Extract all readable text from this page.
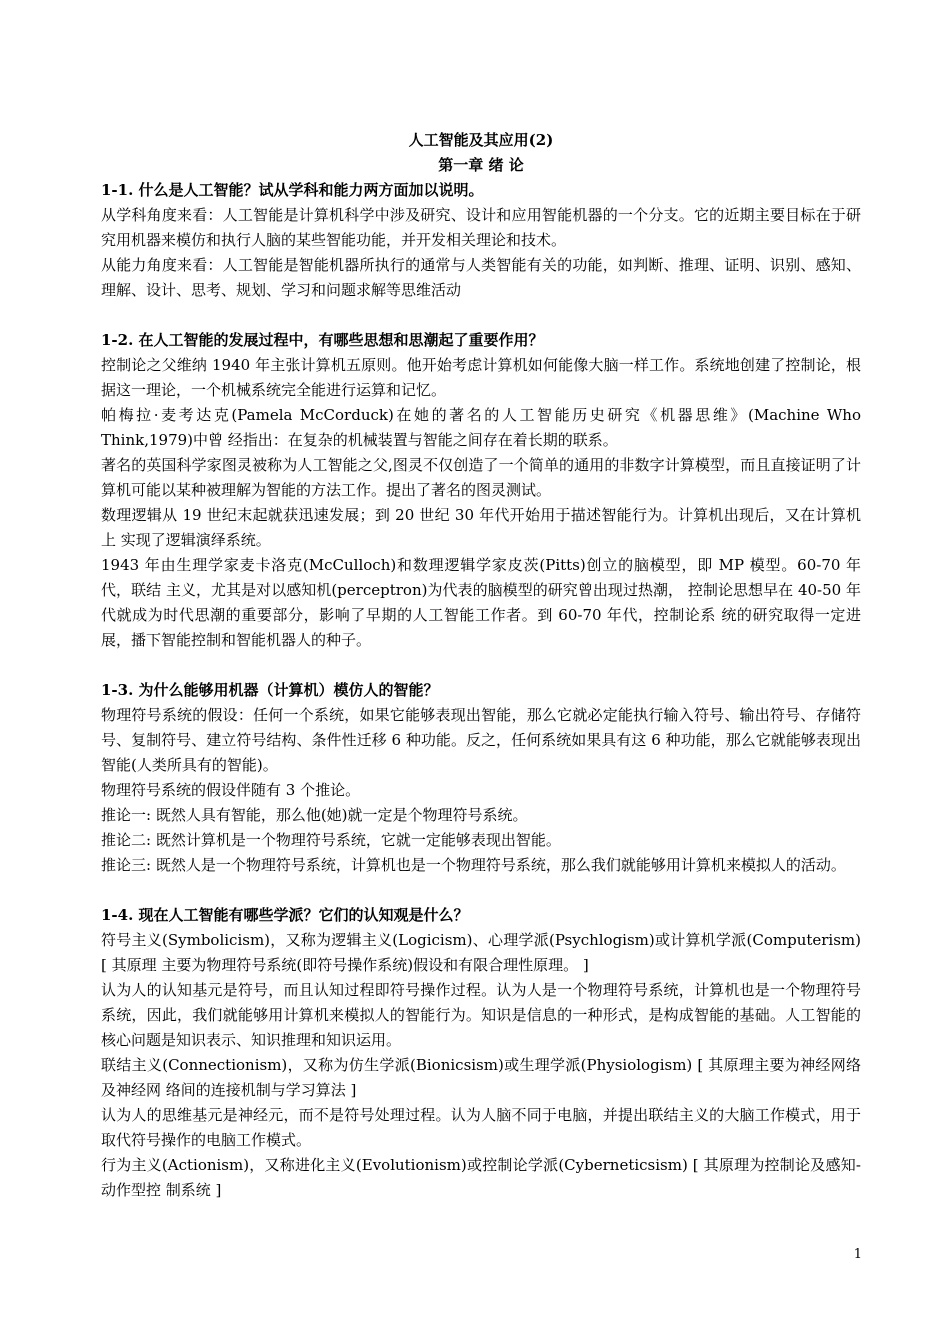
人工智能及其应用(2)

第一章 绪 论

1-1. 什么是人工智能？试从学科和能力两方面加以说明。

从学科角度来看：人工智能是计算机科学中涉及研究、设计和应用智能机器的一个分支。它的近期主要目标在于研 究用机器来模仿和执行人脑的某些智能功能，并开发相关理论和技术。

从能力角度来看：人工智能是智能机器所执行的通常与人类智能有关的功能，如判断、推理、证明、识别、感知、 理解、设计、思考、规划、学习和问题求解等思维活动

1-2. 在人工智能的发展过程中，有哪些思想和思潮起了重要作用？

控制论之父维纳 1940 年主张计算机五原则。他开始考虑计算机如何能像大脑一样工作。系统地创建了控制论，根 据这一理论，一个机械系统完全能进行运算和记忆。

帕梅拉·麦考达克(Pamela McCorduck)在她的著名的人工智能历史研究《机器思维》(Machine Who Think,1979)中曾 经指出：在复杂的机械装置与智能之间存在着长期的联系。

著名的英国科学家图灵被称为人工智能之父,图灵不仅创造了一个简单的通用的非数字计算模型，而且直接证明了计 算机可能以某种被理解为智能的方法工作。提出了著名的图灵测试。

数理逻辑从 19 世纪末起就获迅速发展；到 20 世纪 30 年代开始用于描述智能行为。计算机出现后，又在计算机上 实现了逻辑演绎系统。

1943 年由生理学家麦卡洛克(McCulloch)和数理逻辑学家皮茨(Pitts)创立的脑模型，即 MP 模型。60-70 年代，联结 主义，尤其是对以感知机(perceptron)为代表的脑模型的研究曾出现过热潮， 控制论思想早在 40-50 年代就成为时代思潮的重要部分，影响了早期的人工智能工作者。到 60-70 年代，控制论系 统的研究取得一定进展，播下智能控制和智能机器人的种子。

1-3. 为什么能够用机器（计算机）模仿人的智能？

物理符号系统的假设：任何一个系统，如果它能够表现出智能，那么它就必定能执行输入符号、输出符号、存储符 号、复制符号、建立符号结构、条件性迁移 6 种功能。反之，任何系统如果具有这 6 种功能，那么它就能够表现出 智能(人类所具有的智能)。

物理符号系统的假设伴随有 3 个推论。

推论一: 既然人具有智能，那么他(她)就一定是个物理符号系统。

推论二: 既然计算机是一个物理符号系统，它就一定能够表现出智能。

推论三: 既然人是一个物理符号系统，计算机也是一个物理符号系统，那么我们就能够用计算机来模拟人的活动。

1-4. 现在人工智能有哪些学派？它们的认知观是什么？

符号主义(Symbolicism)，又称为逻辑主义(Logicism)、心理学派(Psychlogism)或计算机学派(Computerism) [ 其原理 主要为物理符号系统(即符号操作系统)假设和有限合理性原理。 ]

认为人的认知基元是符号，而且认知过程即符号操作过程。认为人是一个物理符号系统，计算机也是一个物理符号 系统，因此，我们就能够用计算机来模拟人的智能行为。知识是信息的一种形式，是构成智能的基础。人工智能的 核心问题是知识表示、知识推理和知识运用。

联结主义(Connectionism)，又称为仿生学派(Bionicsism)或生理学派(Physiologism) [ 其原理主要为神经网络及神经网 络间的连接机制与学习算法 ]

认为人的思维基元是神经元，而不是符号处理过程。认为人脑不同于电脑，并提出联结主义的大脑工作模式，用于 取代符号操作的电脑工作模式。

行为主义(Actionism)，又称进化主义(Evolutionism)或控制论学派(Cyberneticsism) [ 其原理为控制论及感知-动作型控 制系统 ]

1
